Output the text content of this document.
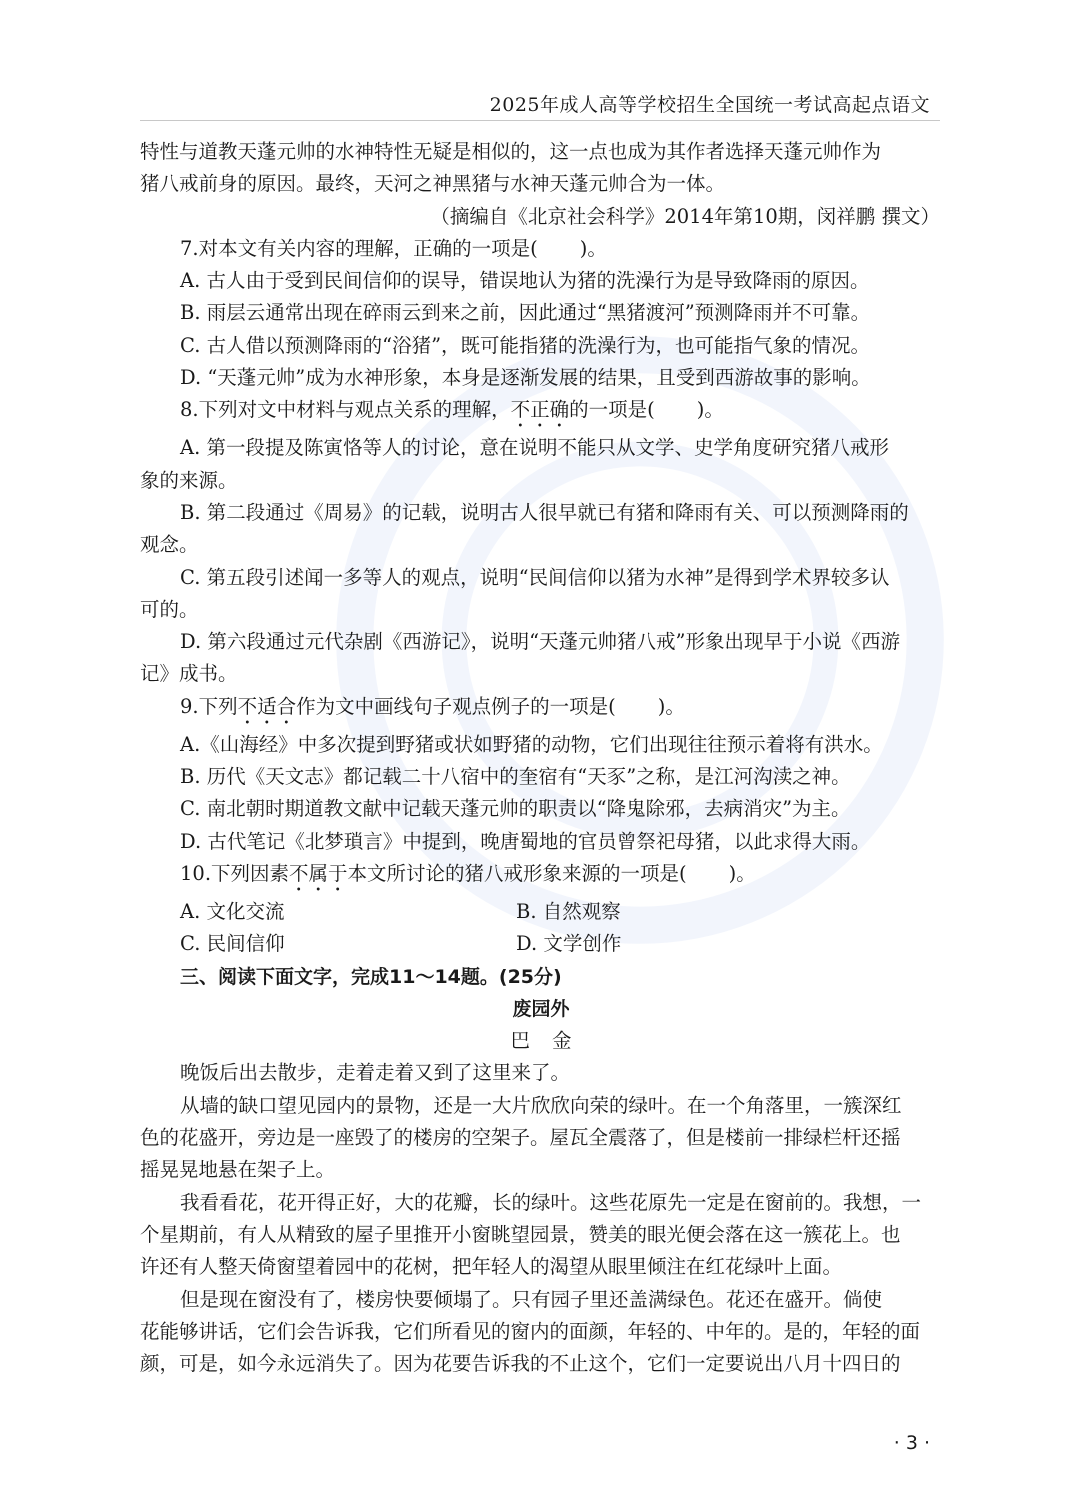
2025年成人高等学校招生全国统一考试高起点语文
特性与道教天蓬元帅的水神特性无疑是相似的，这一点也成为其作者选择天蓬元帅作为
猪八戒前身的原因。最终，天河之神黑猪与水神天蓬元帅合为一体。
（摘编自《北京社会科学》2014年第10期，闵祥鹏 撰文）
7.对本文有关内容的理解，正确的一项是( )。
A. 古人由于受到民间信仰的误导，错误地认为猪的洗澡行为是导致降雨的原因。
B. 雨层云通常出现在碎雨云到来之前，因此通过“黑猪渡河”预测降雨并不可靠。
C. 古人借以预测降雨的“浴猪”，既可能指猪的洗澡行为，也可能指气象的情况。
D. “天蓬元帅”成为水神形象，本身是逐渐发展的结果，且受到西游故事的影响。
8.下列对文中材料与观点关系的理解，不正确的一项是( )。
A. 第一段提及陈寅恪等人的讨论，意在说明不能只从文学、史学角度研究猪八戒形
象的来源。
B. 第二段通过《周易》的记载，说明古人很早就已有猪和降雨有关、可以预测降雨的
观念。
C. 第五段引述闻一多等人的观点，说明“民间信仰以猪为水神”是得到学术界较多认
可的。
D. 第六段通过元代杂剧《西游记》，说明“天蓬元帅猪八戒”形象出现早于小说《西游
记》成书。
9.下列不适合作为文中画线句子观点例子的一项是( )。
A.《山海经》中多次提到野猪或状如野猪的动物，它们出现往往预示着将有洪水。
B. 历代《天文志》都记载二十八宿中的奎宿有“天豕”之称，是江河沟渎之神。
C. 南北朝时期道教文献中记载天蓬元帅的职责以“降鬼除邪，去病消灾”为主。
D. 古代笔记《北梦瑣言》中提到，晚唐蜀地的官员曾祭祀母猪，以此求得大雨。
10.下列因素不属于本文所讨论的猪八戒形象来源的一项是( )。
A. 文化交流	B. 自然观察
C. 民间信仰	D. 文学创作
三、阅读下面文字，完成11～14题。(25分)
废园外
巴金
晚饭后出去散步，走着走着又到了这里来了。
从墙的缺口望见园内的景物，还是一大片欣欣向荣的绿叶。在一个角落里，一簇深红
色的花盛开，旁边是一座毁了的楼房的空架子。屋瓦全震落了，但是楼前一排绿栏杆还摇
摇晃晃地悬在架子上。
我看看花，花开得正好，大的花瓣，长的绿叶。这些花原先一定是在窗前的。我想，一
个星期前，有人从精致的屋子里推开小窗眺望园景，赞美的眼光便会落在这一簇花上。也
许还有人整天倚窗望着园中的花树，把年轻人的渴望从眼里倾注在红花绿叶上面。
但是现在窗没有了，楼房快要倾塌了。只有园子里还盖满绿色。花还在盛开。倘使
花能够讲话，它们会告诉我，它们所看见的窗内的面颜，年轻的、中年的。是的，年轻的面
颜，可是，如今永远消失了。因为花要告诉我的不止这个，它们一定要说出八月十四日的
· 3 ·
